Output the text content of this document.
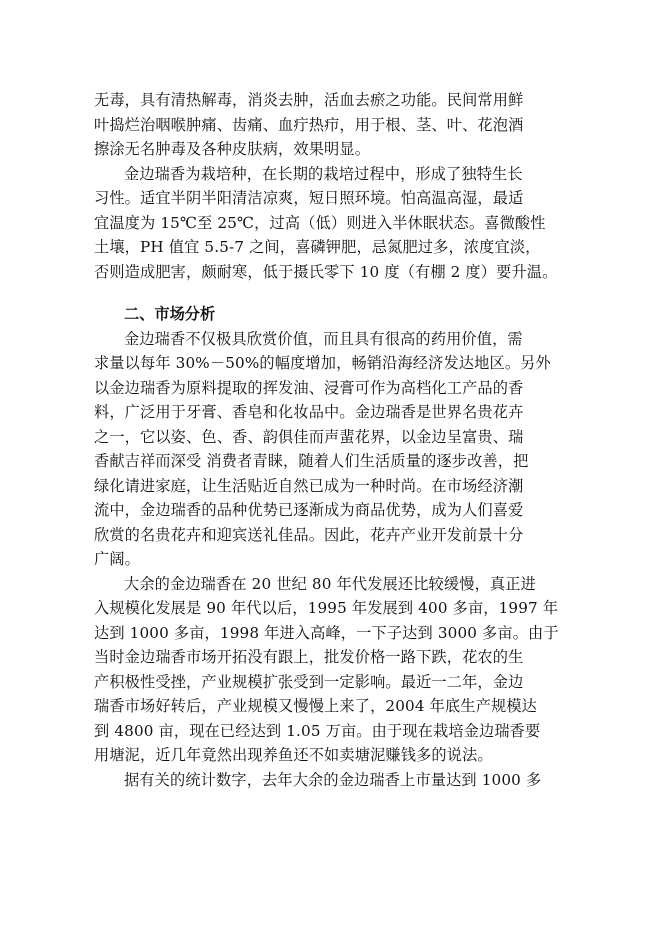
无毒，具有清热解毒，消炎去肿，活血去瘀之功能。民间常用鲜
叶捣烂治咽喉肿痛、齿痛、血疔热疖，用于根、茎、叶、花泡酒
擦涂无名肿毒及各种皮肤病，效果明显。
金边瑞香为栽培种，在长期的栽培过程中，形成了独特生长
习性。适宜半阴半阳清洁凉爽，短日照环境。怕高温高湿，最适
宜温度为 15℃至 25℃，过高（低）则进入半休眠状态。喜微酸性
土壤，PH 值宜 5.5-7 之间，喜磷钾肥，忌氮肥过多，浓度宜淡，
否则造成肥害，颇耐寒，低于摄氏零下 10 度（有棚 2 度）要升温。
二、市场分析
金边瑞香不仅极具欣赏价值，而且具有很高的药用价值，需
求量以每年 30%－50%的幅度增加，畅销沿海经济发达地区。另外
以金边瑞香为原料提取的挥发油、浸膏可作为高档化工产品的香
料，广泛用于牙膏、香皂和化妆品中。金边瑞香是世界名贵花卉
之一，它以姿、色、香、韵俱佳而声蜚花界，以金边呈富贵、瑞
香献吉祥而深受 消费者青睐，随着人们生活质量的逐步改善，把
绿化请进家庭，让生活贴近自然已成为一种时尚。在市场经济潮
流中，金边瑞香的品种优势已逐渐成为商品优势，成为人们喜爱
欣赏的名贵花卉和迎宾送礼佳品。因此，花卉产业开发前景十分
广阔。
大余的金边瑞香在 20 世纪 80 年代发展还比较缓慢，真正进
入规模化发展是 90 年代以后，1995 年发展到 400 多亩，1997 年
达到 1000 多亩，1998 年进入高峰，一下子达到 3000 多亩。由于
当时金边瑞香市场开拓没有跟上，批发价格一路下跌，花农的生
产积极性受挫，产业规模扩张受到一定影响。最近一二年，金边
瑞香市场好转后，产业规模又慢慢上来了，2004 年底生产规模达
到 4800 亩，现在已经达到 1.05 万亩。由于现在栽培金边瑞香要
用塘泥，近几年竟然出现养鱼还不如卖塘泥赚钱多的说法。
据有关的统计数字，去年大余的金边瑞香上市量达到 1000 多
